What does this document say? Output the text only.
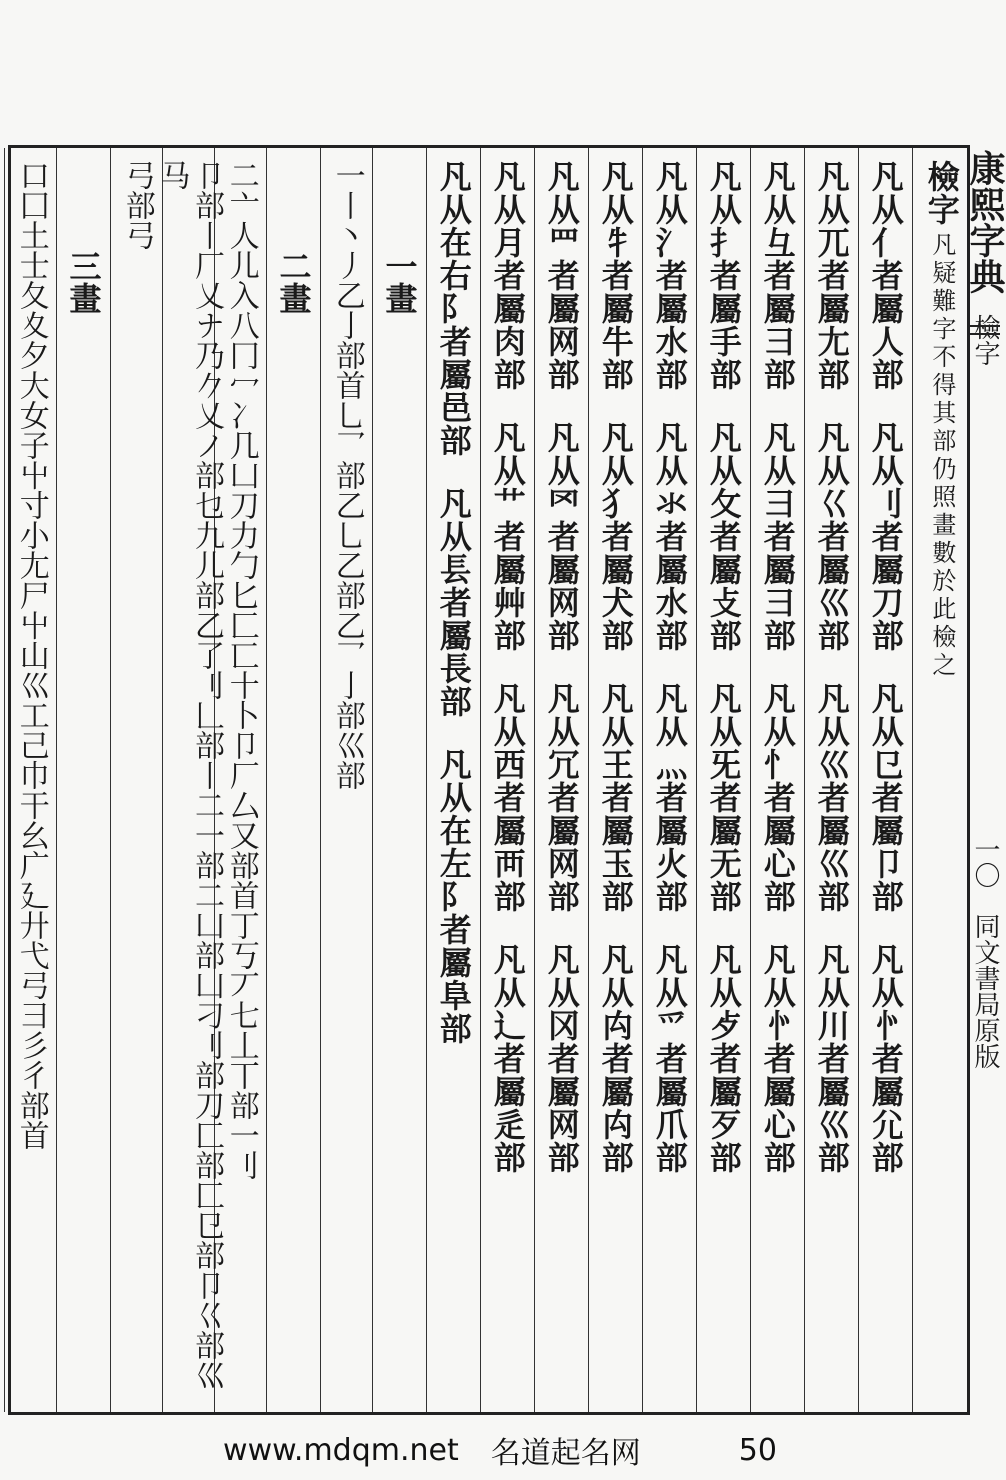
康熙字典
檢字
一〇
同文書局原版
檢字
凡疑難字不得其部仍照畫數於此檢之
凡从亻者屬人部
凡从刂者屬刀部
凡从㔾者屬卩部
凡从㣺者屬尣部
凡从兀者屬尢部
凡从巜者屬巛部
凡从巛者屬巛部
凡从川者屬巛部
凡从彑者屬彐部
凡从彐者屬彐部
凡从忄者屬心部
凡从㣺者屬心部
凡从扌者屬手部
凡从攵者屬攴部
凡从旡者屬无部
凡从歺者屬歹部
凡从氵者屬水部
凡从氺者屬水部
凡从灬者屬火部
凡从爫者屬爪部
凡从牜者屬牛部
凡从犭者屬犬部
凡从王者屬玉部
凡从禸者屬禸部
凡从罒者屬网部
凡从罓者屬网部
凡从冗者屬网部
凡从冈者屬网部
凡从月者屬肉部
凡从艹者屬艸部
凡从西者屬襾部
凡从辶者屬辵部
凡从在右阝者屬邑部
凡从镸者屬長部
凡从在左阝者屬阜部
一畫
一丨丶丿乙亅部首乚乛部乙乚乙部乙乛亅部巛部
二畫
二亠人儿入八冂冖冫几凵刀力勹匕匚匸十卜卩厂厶又部首丁丂丆七丄丅部一刂
卩部丨厂乂ナ乃𠂊乂ノ部乜九儿部乙了刂𠃊部丨二一部二凵部凵刁刂部刀匚部匚㔾部卩巜部巛马
弓部弓
三畫
口囗土士夂夊夕大女子屮寸小尢尸屮山巛工己巾干幺广廴廾弋弓彐彡彳部首
www.mdqm.net 名道起名网	50
